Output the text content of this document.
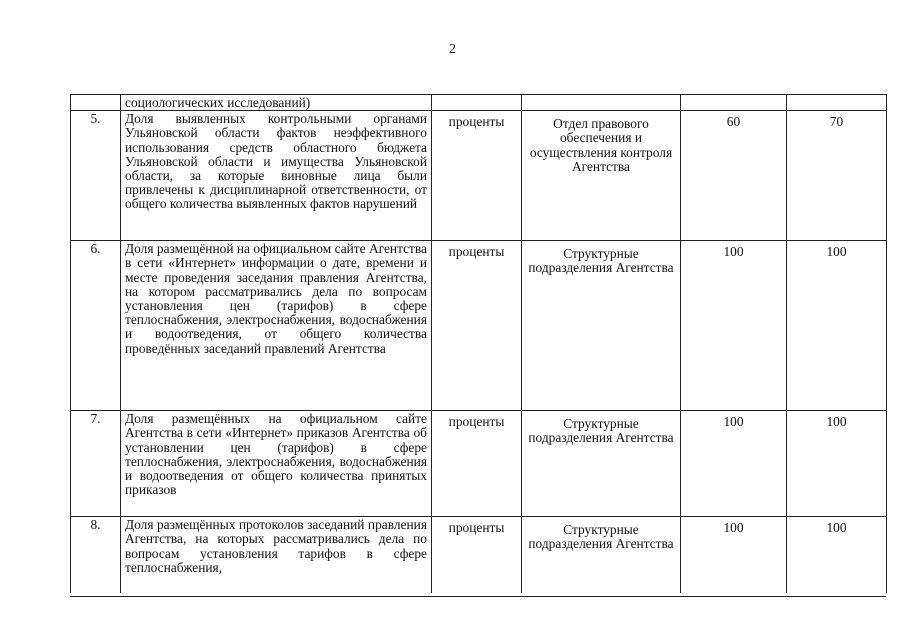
2
	социологических исследований)				
5.	Доля выявленных контрольными органами Ульяновской области фактов неэффективного использования средств областного бюджета Ульяновской области и имущества Ульяновской области, за которые виновные лица были привлечены к дисциплинарной ответственности, от общего количества выявленных фактов нарушений	проценты	Отдел правового обеспечения и осуществления контроля Агентства	60	70
6.	Доля размещённой на официальном сайте Агентства в сети «Интернет» информации о дате, времени и месте проведения заседания правления Агентства, на котором рассматривались дела по вопросам установления цен (тарифов) в сфере теплоснабжения, электроснабжения, водоснабжения и водоотведения, от общего количества проведённых заседаний правлений Агентства	проценты	Структурные подразделения Агентства	100	100
7.	Доля размещённых на официальном сайте Агентства в сети «Интернет» приказов Агентства об установлении цен (тарифов) в сфере теплоснабжения, электроснабжения, водоснабжения и водоотведения от общего количества принятых приказов	проценты	Структурные подразделения Агентства	100	100
8.	Доля размещённых протоколов заседаний правления Агентства, на которых рассматривались дела по вопросам установления тарифов в сфере теплоснабжения,	проценты	Структурные подразделения Агентства	100	100
